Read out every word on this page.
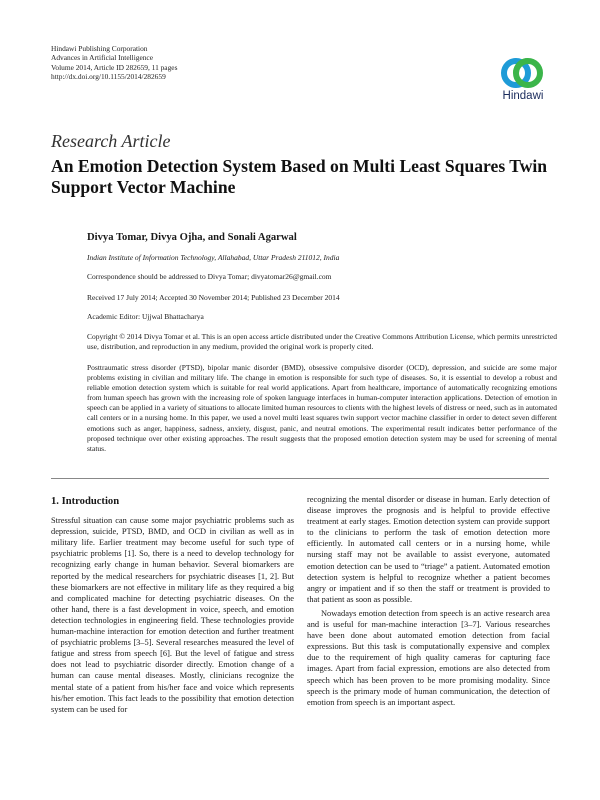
Hindawi Publishing Corporation
Advances in Artificial Intelligence
Volume 2014, Article ID 282659, 11 pages
http://dx.doi.org/10.1155/2014/282659
Hindawi
Research Article
An Emotion Detection System Based on Multi Least Squares Twin Support Vector Machine
Divya Tomar, Divya Ojha, and Sonali Agarwal
Indian Institute of Information Technology, Allahabad, Uttar Pradesh 211012, India
Correspondence should be addressed to Divya Tomar; divyatomar26@gmail.com
Received 17 July 2014; Accepted 30 November 2014; Published 23 December 2014
Academic Editor: Ujjwal Bhattacharya
Copyright © 2014 Divya Tomar et al. This is an open access article distributed under the Creative Commons Attribution License, which permits unrestricted use, distribution, and reproduction in any medium, provided the original work is properly cited.
Posttraumatic stress disorder (PTSD), bipolar manic disorder (BMD), obsessive compulsive disorder (OCD), depression, and suicide are some major problems existing in civilian and military life. The change in emotion is responsible for such type of diseases. So, it is essential to develop a robust and reliable emotion detection system which is suitable for real world applications. Apart from healthcare, importance of automatically recognizing emotions from human speech has grown with the increasing role of spoken language interfaces in human-computer interaction applications. Detection of emotion in speech can be applied in a variety of situations to allocate limited human resources to clients with the highest levels of distress or need, such as in automated call centers or in a nursing home. In this paper, we used a novel multi least squares twin support vector machine classifier in order to detect seven different emotions such as anger, happiness, sadness, anxiety, disgust, panic, and neutral emotions. The experimental result indicates better performance of the proposed technique over other existing approaches. The result suggests that the proposed emotion detection system may be used for screening of mental status.
1. Introduction

Stressful situation can cause some major psychiatric problems such as depression, suicide, PTSD, BMD, and OCD in civilian as well as in military life. Earlier treatment may become useful for such type of psychiatric problems [1]. So, there is a need to develop technology for recognizing early change in human behavior. Several biomarkers are reported by the medical researchers for psychiatric diseases [1, 2]. But these biomarkers are not effective in military life as they required a big and complicated machine for detecting psychiatric diseases. On the other hand, there is a fast development in voice, speech, and emotion detection technologies in engineering field. These technologies provide human-machine interaction for emotion detection and further treatment of psychiatric problems [3–5]. Several researches measured the level of fatigue and stress from speech [6]. But the level of fatigue and stress does not lead to psychiatric disorder directly. Emotion change of a human can cause mental diseases. Mostly, clinicians recognize the mental state of a patient from his/her face and voice which represents his/her emotion. This fact leads to the possibility that emotion detection system can be used for

recognizing the mental disorder or disease in human. Early detection of disease improves the prognosis and is helpful to provide effective treatment at early stages. Emotion detection system can provide support to the clinicians to perform the task of emotion detection more efficiently. In automated call centers or in a nursing home, while nursing staff may not be available to assist everyone, automated emotion detection can be used to “triage” a patient. Automated emotion detection system is helpful to recognize whether a patient becomes angry or impatient and if so then the staff or treatment is provided to that patient as soon as possible.

Nowadays emotion detection from speech is an active research area and is useful for man-machine interaction [3–7]. Various researches have been done about automated emotion detection from facial expressions. But this task is computationally expensive and complex due to the requirement of high quality cameras for capturing face images. Apart from facial expression, emotions are also detected from speech which has been proven to be more promising modality. Since speech is the primary mode of human communication, the detection of emotion from speech is an important aspect.
